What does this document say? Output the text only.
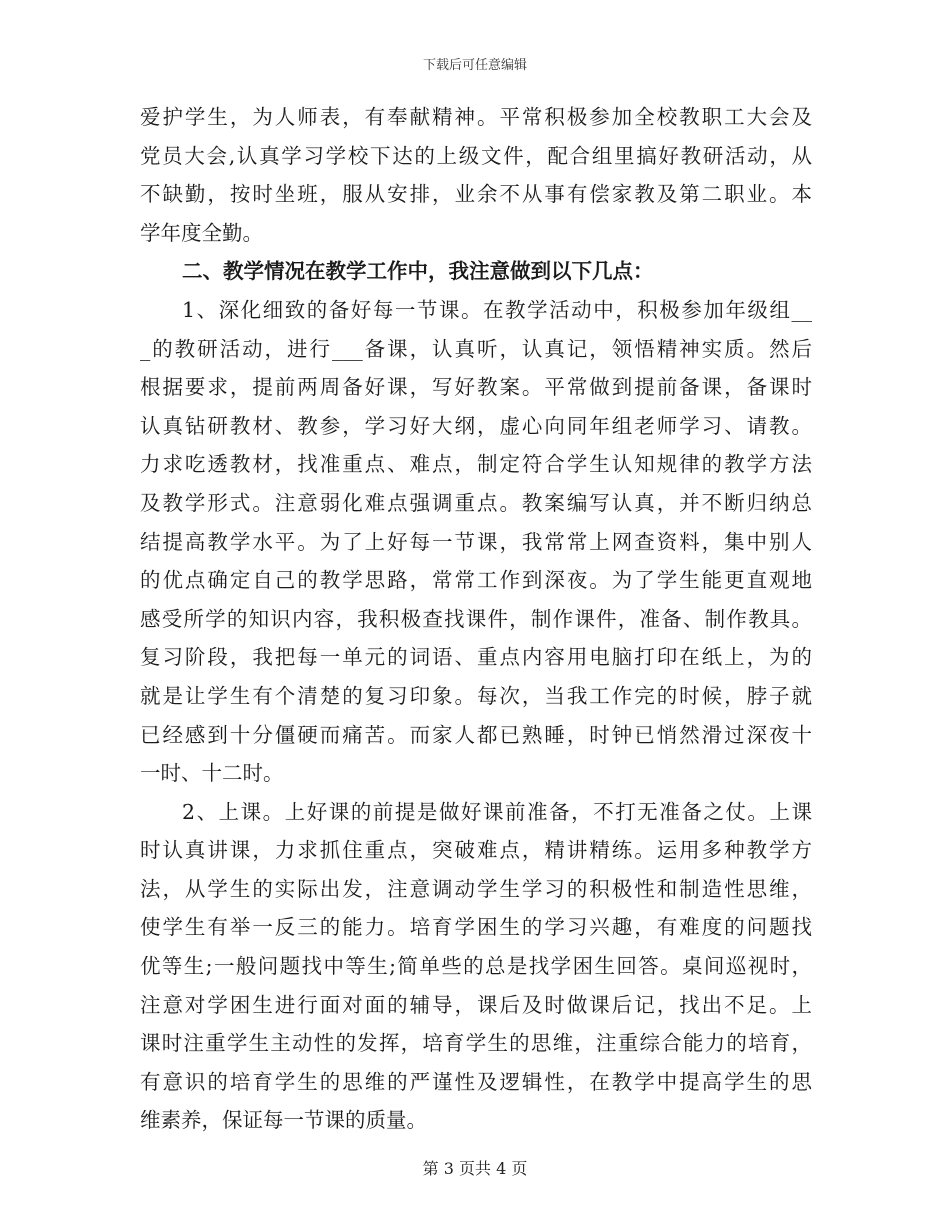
下载后可任意编辑

爱护学生，为人师表，有奉献精神。平常积极参加全校教职工大会及
党员大会,认真学习学校下达的上级文件，配合组里搞好教研活动，从
不缺勤，按时坐班，服从安排，业余不从事有偿家教及第二职业。本
学年度全勤。

二、教学情况在教学工作中，我注意做到以下几点：

1、深化细致的备好每一节课。在教学活动中，积极参加年级组__
_的教研活动，进行___备课，认真听，认真记，领悟精神实质。然后
根据要求，提前两周备好课，写好教案。平常做到提前备课，备课时
认真钻研教材、教参，学习好大纲，虚心向同年组老师学习、请教。
力求吃透教材，找准重点、难点，制定符合学生认知规律的教学方法
及教学形式。注意弱化难点强调重点。教案编写认真，并不断归纳总
结提高教学水平。为了上好每一节课，我常常上网查资料，集中别人
的优点确定自己的教学思路，常常工作到深夜。为了学生能更直观地
感受所学的知识内容，我积极查找课件，制作课件，准备、制作教具。
复习阶段，我把每一单元的词语、重点内容用电脑打印在纸上，为的
就是让学生有个清楚的复习印象。每次，当我工作完的时候，脖子就
已经感到十分僵硬而痛苦。而家人都已熟睡，时钟已悄然滑过深夜十
一时、十二时。

2、上课。上好课的前提是做好课前准备，不打无准备之仗。上课
时认真讲课，力求抓住重点，突破难点，精讲精练。运用多种教学方
法，从学生的实际出发，注意调动学生学习的积极性和制造性思维，
使学生有举一反三的能力。培育学困生的学习兴趣，有难度的问题找
优等生;一般问题找中等生;简单些的总是找学困生回答。桌间巡视时，
注意对学困生进行面对面的辅导，课后及时做课后记，找出不足。上
课时注重学生主动性的发挥，培育学生的思维，注重综合能力的培育，
有意识的培育学生的思维的严谨性及逻辑性，在教学中提高学生的思
维素养，保证每一节课的质量。

第 3 页共 4 页
